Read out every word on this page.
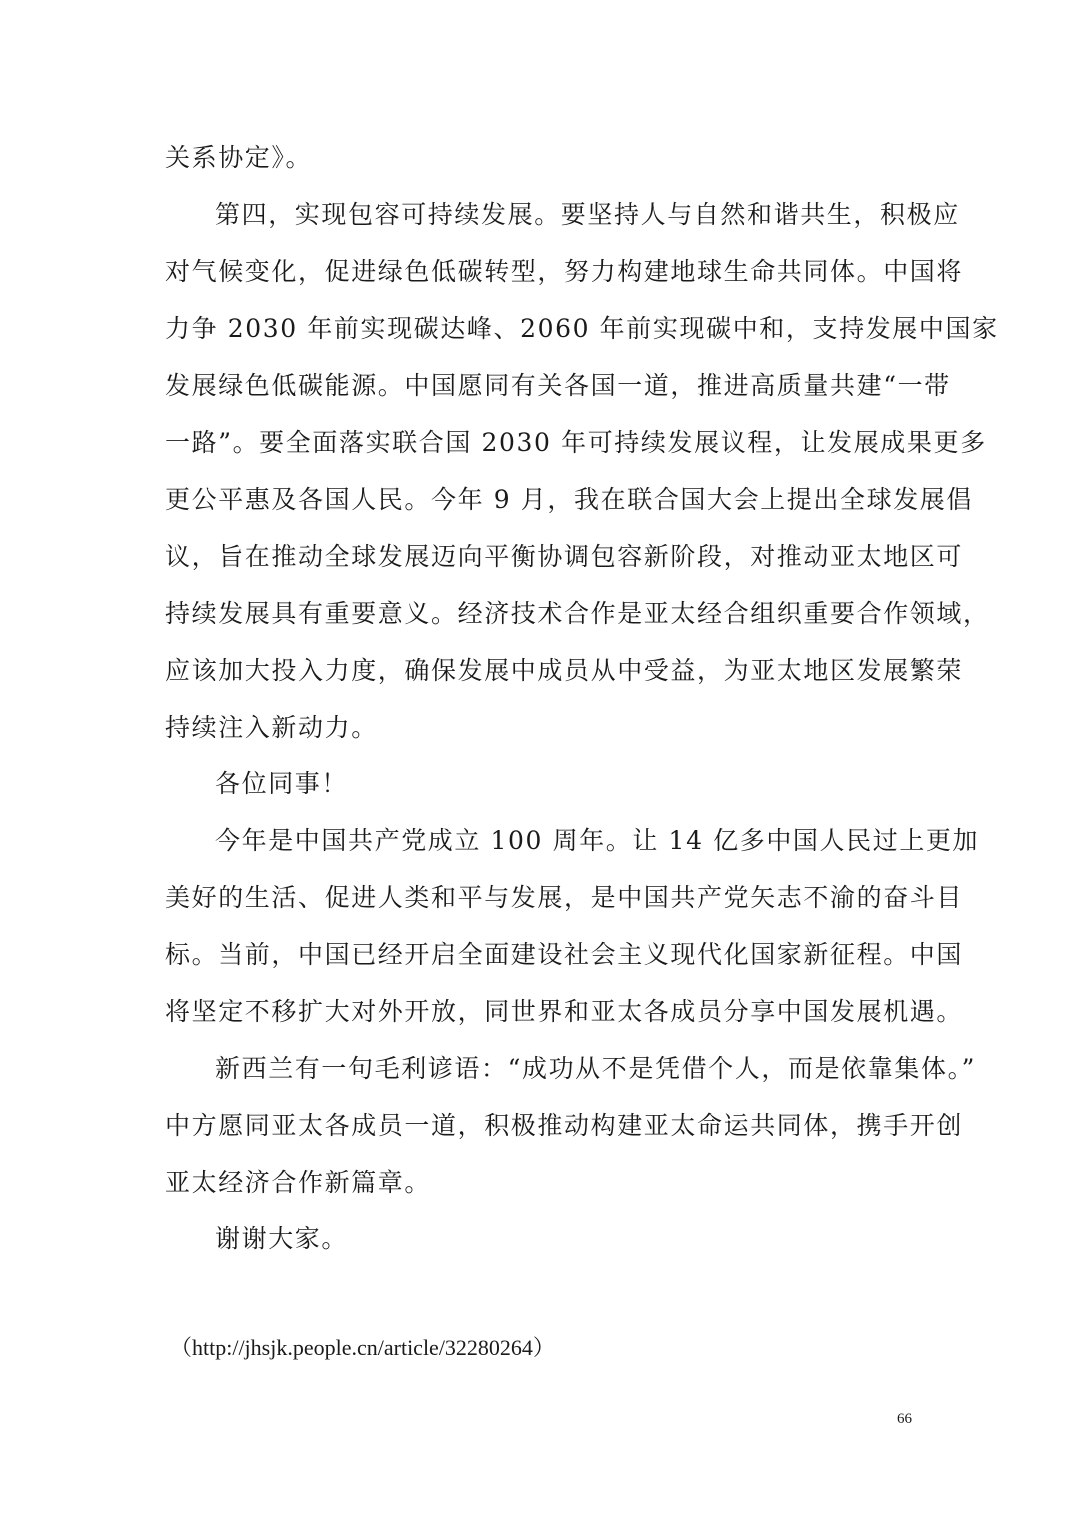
关系协定》。
第四，实现包容可持续发展。要坚持人与自然和谐共生，积极应
对气候变化，促进绿色低碳转型，努力构建地球生命共同体。中国将
力争 2030 年前实现碳达峰、2060 年前实现碳中和，支持发展中国家
发展绿色低碳能源。中国愿同有关各国一道，推进高质量共建“一带
一路”。要全面落实联合国 2030 年可持续发展议程，让发展成果更多
更公平惠及各国人民。今年 9 月，我在联合国大会上提出全球发展倡
议，旨在推动全球发展迈向平衡协调包容新阶段，对推动亚太地区可
持续发展具有重要意义。经济技术合作是亚太经合组织重要合作领域，
应该加大投入力度，确保发展中成员从中受益，为亚太地区发展繁荣
持续注入新动力。
各位同事！
今年是中国共产党成立 100 周年。让 14 亿多中国人民过上更加
美好的生活、促进人类和平与发展，是中国共产党矢志不渝的奋斗目
标。当前，中国已经开启全面建设社会主义现代化国家新征程。中国
将坚定不移扩大对外开放，同世界和亚太各成员分享中国发展机遇。
新西兰有一句毛利谚语：“成功从不是凭借个人，而是依靠集体。”
中方愿同亚太各成员一道，积极推动构建亚太命运共同体，携手开创
亚太经济合作新篇章。
谢谢大家。
（http://jhsjk.people.cn/article/32280264）
66
